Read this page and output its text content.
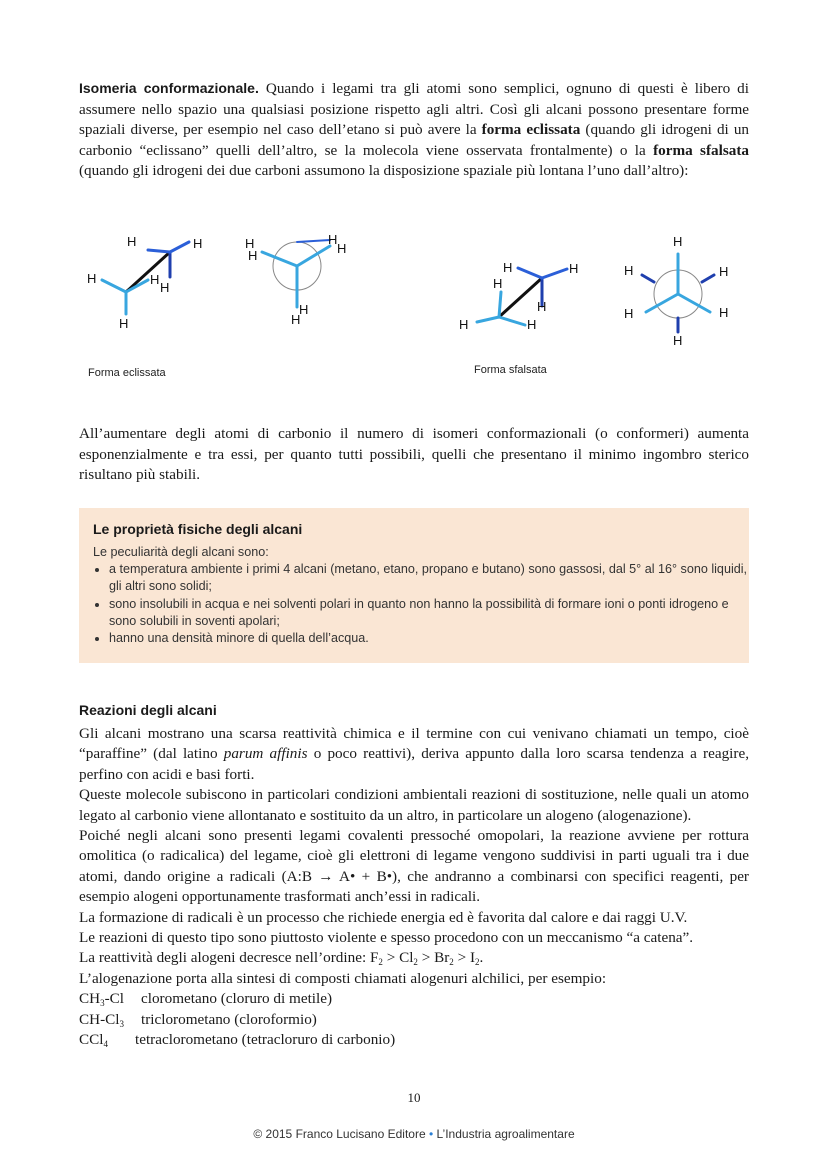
Isomeria conformazionale. Quando i legami tra gli atomi sono semplici, ognuno di questi è libero di assumere nello spazio una qualsiasi posizione rispetto agli altri. Così gli alcani possono presentare forme spaziali diverse, per esempio nel caso dell’etano si può avere la forma eclissata (quando gli idrogeni di un carbonio “eclissano” quelli dell’altro, se la molecola viene osservata frontalmente) o la forma sfalsata (quando gli idrogeni dei due carboni assumono la disposizione spaziale più lontana l’uno dall’altro):

H	H
H	H
H
H
H
H
H
H
H
H
H	H
H
H
H	H
H
H	H
H	H
H
Forma eclissata	Forma sfalsata

All’aumentare degli atomi di carbonio il numero di isomeri conformazionali (o conformeri) aumenta esponenzialmente e tra essi, per quanto tutti possibili, quelli che presentano il minimo ingombro sterico risultano più stabili.

Le proprietà fisiche degli alcani
Le peculiarità degli alcani sono:
• a temperatura ambiente i primi 4 alcani (metano, etano, propano e butano) sono gassosi, dal 5° al 16° sono liquidi, gli altri sono solidi;
• sono insolubili in acqua e nei solventi polari in quanto non hanno la possibilità di formare ioni o ponti idrogeno e sono solubili in soventi apolari;
• hanno una densità minore di quella dell’acqua.
Reazioni degli alcani

Gli alcani mostrano una scarsa reattività chimica e il termine con cui venivano chiamati un tempo, cioè “paraffine” (dal latino parum affinis o poco reattivi), deriva appunto dalla loro scarsa tendenza a reagire, perfino con acidi e basi forti.

Queste molecole subiscono in particolari condizioni ambientali reazioni di sostituzione, nelle quali un atomo legato al carbonio viene allontanato e sostituito da un altro, in particolare un alogeno (alogenazione).

Poiché negli alcani sono presenti legami covalenti pressoché omopolari, la reazione avviene per rottura omolitica (o radicalica) del legame, cioè gli elettroni di legame vengono suddivisi in parti uguali tra i due atomi, dando origine a radicali (A:B → A• + B•), che andranno a combinarsi con specifici reagenti, per esempio alogeni opportunamente trasformati anch’essi in radicali.

La formazione di radicali è un processo che richiede energia ed è favorita dal calore e dai raggi U.V.

Le reazioni di questo tipo sono piuttosto violente e spesso procedono con un meccanismo “a catena”.

La reattività degli alogeni decresce nell’ordine: $F_2 > Cl_2 > Br_2 > I_2$.

L’alogenazione porta alla sintesi di composti chiamati alogenuri alchilici, per esempio:

$CH_3-Cl$ clorometano (cloruro di metile)
$CH-Cl_3$ triclorometano (cloroformio)
CCl$_4$ tetraclorometano (tetracloruro di carbonio)
10
© 2015 Franco Lucisano Editore • L’Industria agroalimentare
